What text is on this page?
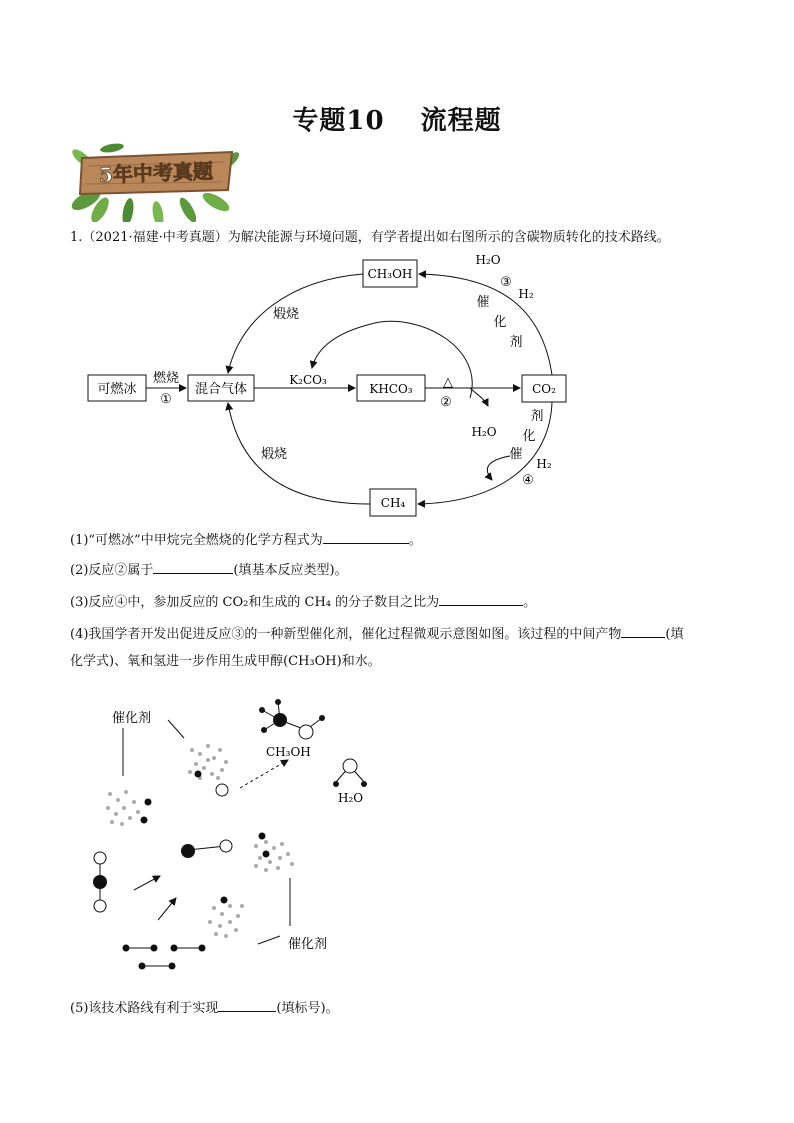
专题10 流程题
5年中考真题
1.（2021·福建·中考真题）为解决能源与环境问题，有学者提出如右图所示的含碳物质转化的技术路线。
CH₃OH
可燃冰	混合气体	KHCO₃	CO₂
CH₄
燃烧
①
煅烧
煅烧
K₂CO₃	△
②
H₂O
③
H₂
催
化
剂
剂
化
催
H₂O
H₂
④
(1)“可燃冰”中甲烷完全燃烧的化学方程式为	。
(2)反应②属于	(填基本反应类型)。
(3)反应④中，参加反应的 CO₂和生成的 CH₄ 的分子数目之比为	。
(4)我国学者开发出促进反应③的一种新型催化剂，催化过程微观示意图如图。该过程的中间产物	(填
化学式)、氧和氢进一步作用生成甲醇(CH₃OH)和水。
催化剂
CH₃OH
H₂O
催化剂
(5)该技术路线有利于实现	(填标号)。
